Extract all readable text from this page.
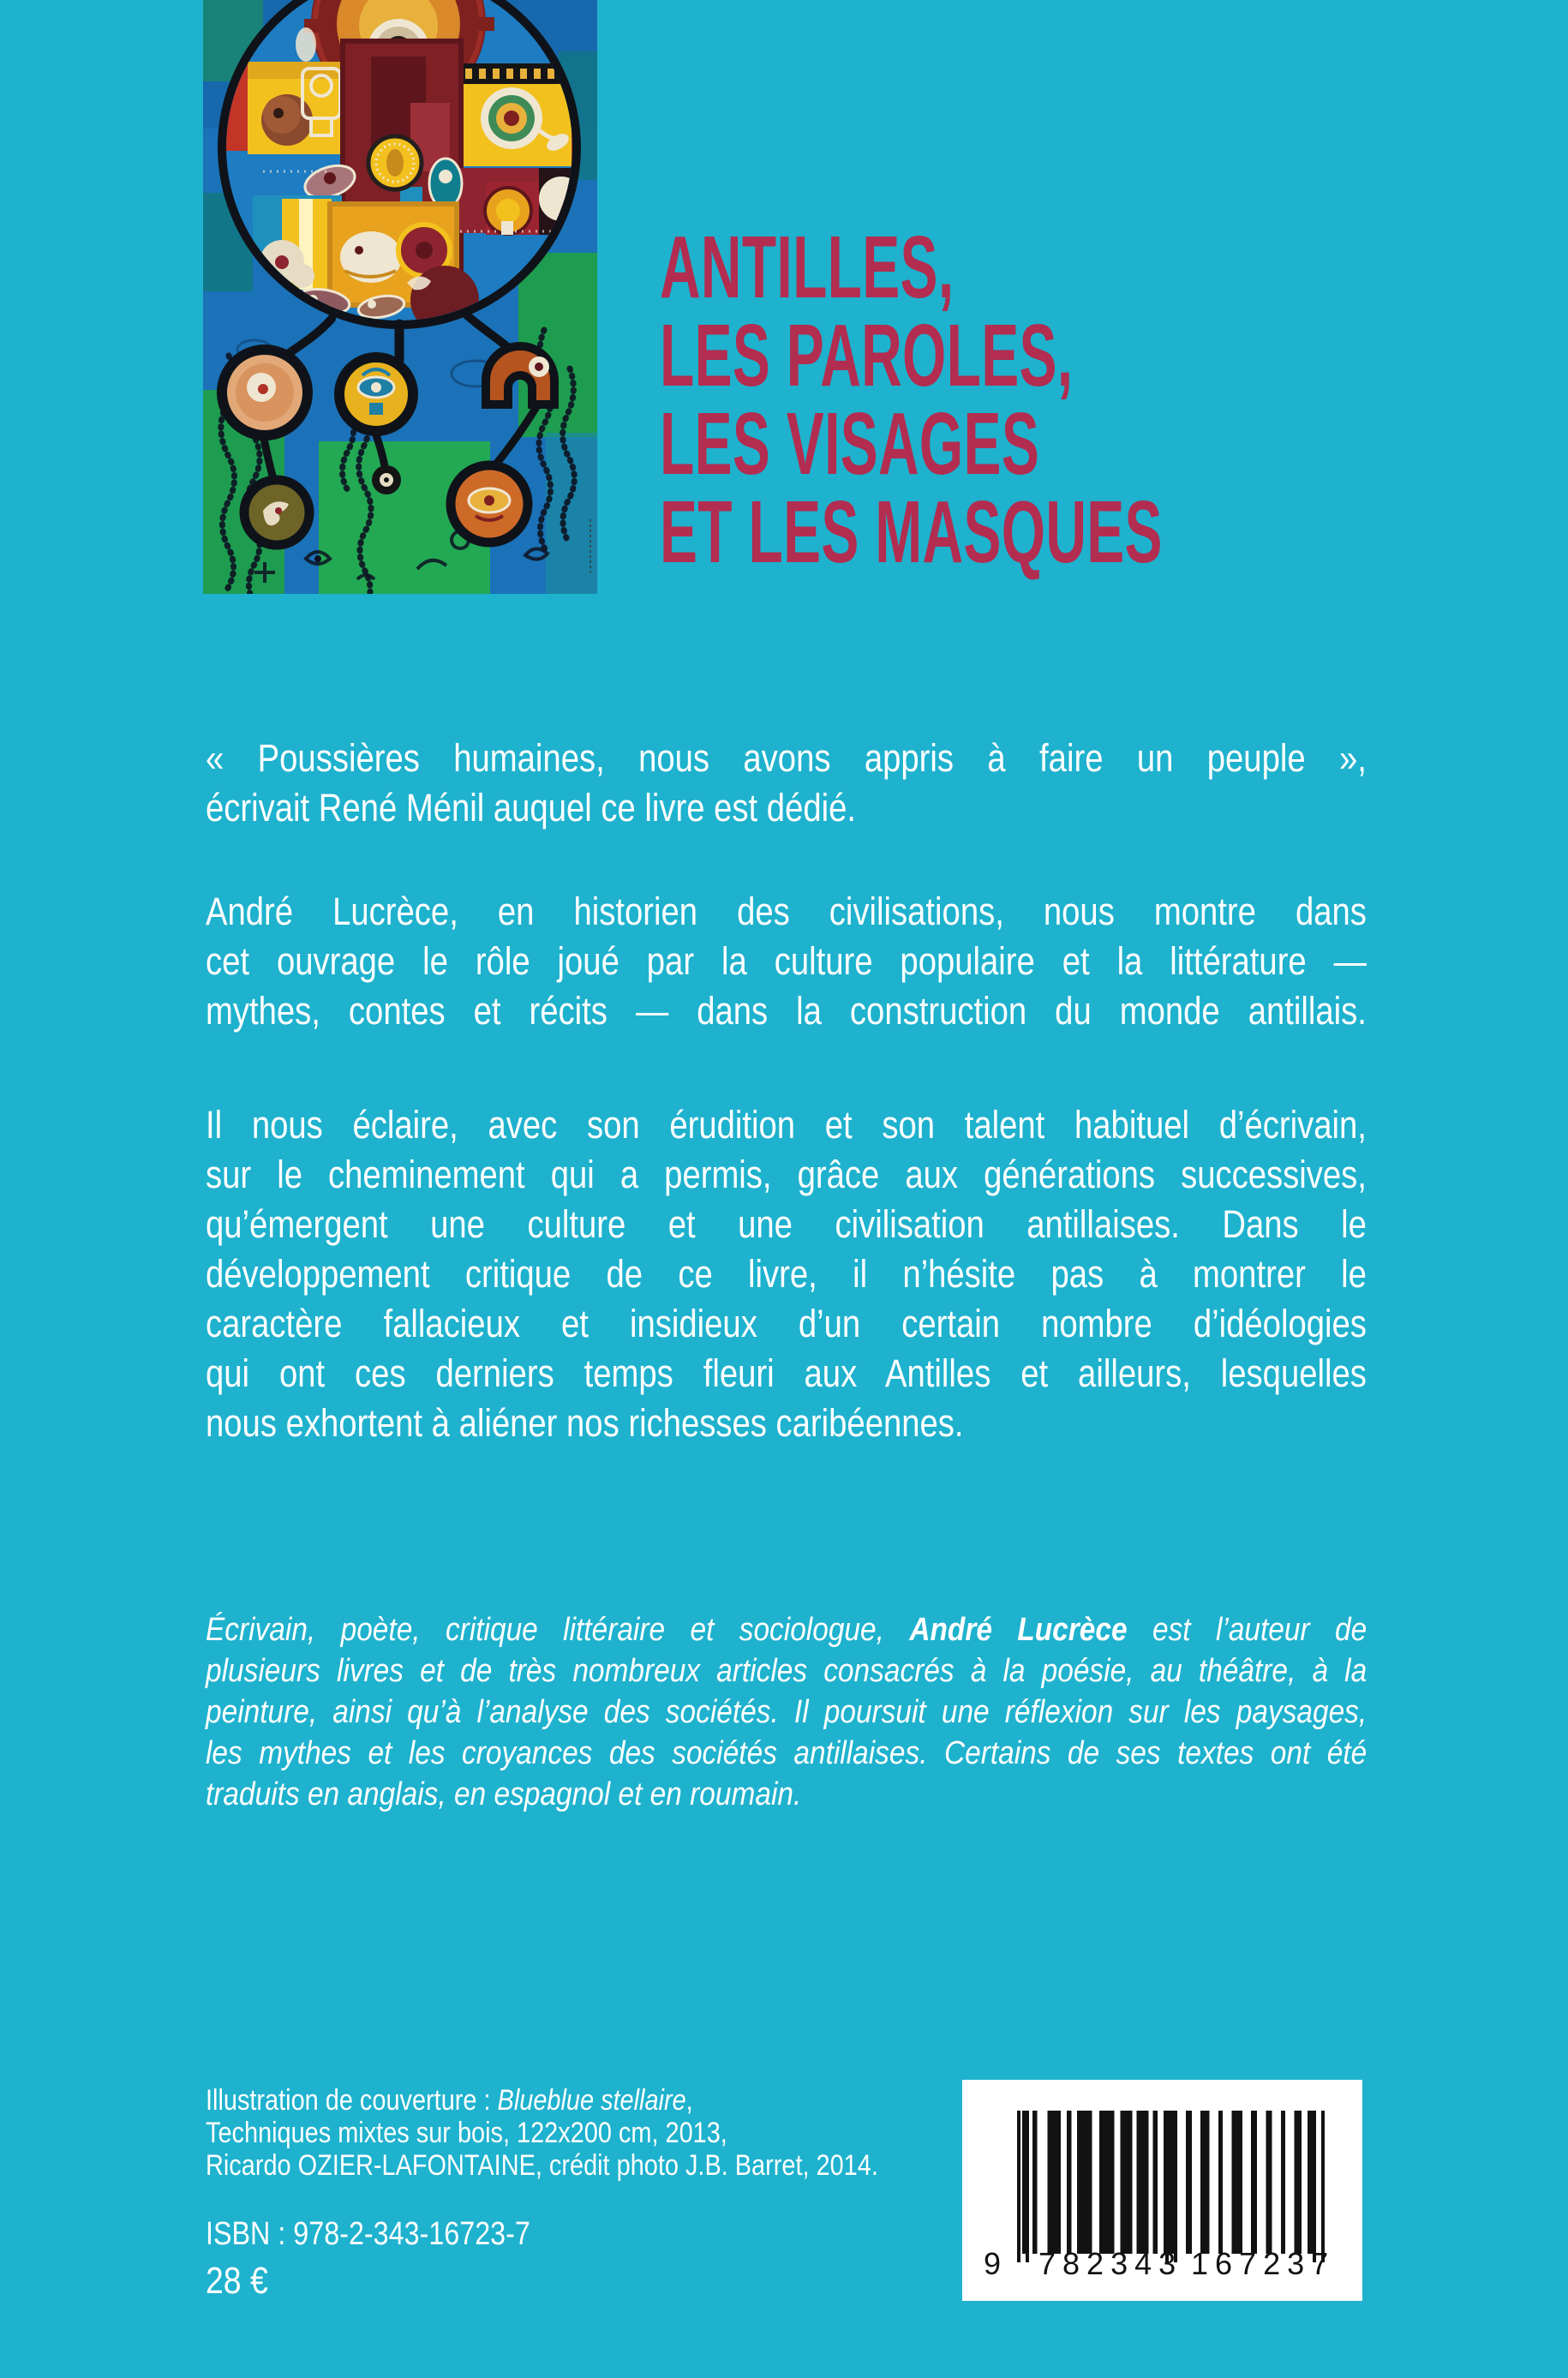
ANTILLES,
LES PAROLES,
LES VISAGES
ET LES MASQUES
« Poussières humaines, nous avons appris à faire un peuple »,
écrivait René Ménil auquel ce livre est dédié.
André Lucrèce, en historien des civilisations, nous montre dans
cet ouvrage le rôle joué par la culture populaire et la littérature —
mythes, contes et récits — dans la construction du monde antillais.
Il nous éclaire, avec son érudition et son talent habituel d’écrivain,
sur le cheminement qui a permis, grâce aux générations successives,
qu’émergent une culture et une civilisation antillaises. Dans le
développement critique de ce livre, il n’hésite pas à montrer le
caractère fallacieux et insidieux d’un certain nombre d’idéologies
qui ont ces derniers temps fleuri aux Antilles et ailleurs, lesquelles
nous exhortent à aliéner nos richesses caribéennes.
Écrivain, poète, critique littéraire et sociologue, André Lucrèce est l’auteur de
plusieurs livres et de très nombreux articles consacrés à la poésie, au théâtre, à la
peinture, ainsi qu’à l’analyse des sociétés. Il poursuit une réflexion sur les paysages,
les mythes et les croyances des sociétés antillaises. Certains de ses textes ont été
traduits en anglais, en espagnol et en roumain.
Illustration de couverture : Blueblue stellaire,
Techniques mixtes sur bois, 122x200 cm, 2013,
Ricardo OZIER-LAFONTAINE, crédit photo J.B. Barret, 2014.
ISBN : 978-2-343-16723-7
28 €	9 782343 167237
